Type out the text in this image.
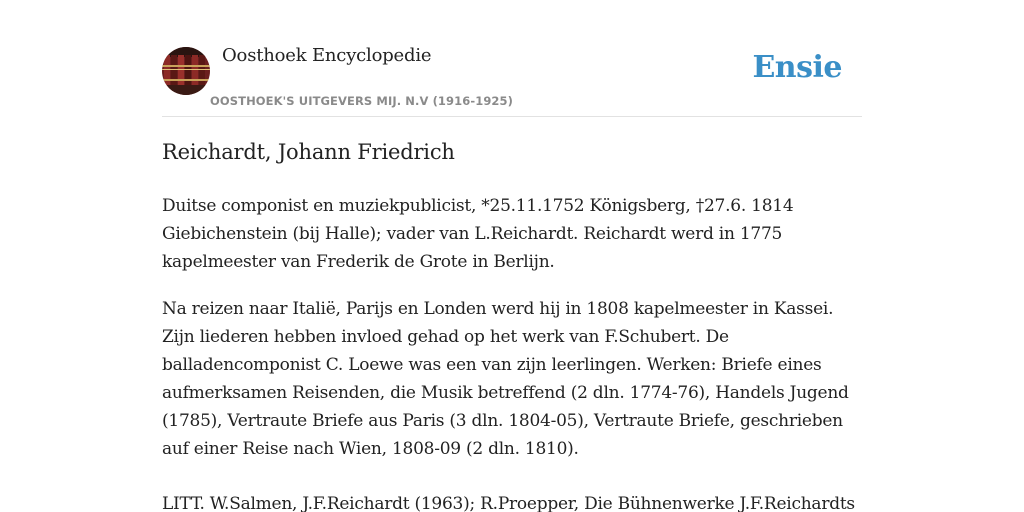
Oosthoek Encyclopedie
OOSTHOEK'S UITGEVERS MIJ. N.V (1916-1925)
Ensie
Reichardt, Johann Friedrich

Duitse componist en muziekpublicist, *25.11.1752 Königsberg, †27.6. 1814 Giebichenstein (bij Halle); vader van L.Reichardt. Reichardt werd in 1775 kapelmeester van Frederik de Grote in Berlijn.

Na reizen naar Italië, Parijs en Londen werd hij in 1808 kapelmeester in Kassei. Zijn liederen hebben invloed gehad op het werk van F.Schubert. De balladencomponist C. Loewe was een van zijn leerlingen. Werken: Briefe eines aufmerksamen Reisenden, die Musik betreffend (2 dln. 1774-76), Handels Jugend (1785), Vertraute Briefe aus Paris (3 dln. 1804-05), Vertraute Briefe, geschrieben auf einer Reise nach Wien, 1808-09 (2 dln. 1810).

LITT. W.Salmen, J.F.Reichardt (1963); R.Proepper, Die Bühnenwerke J.F.Reichardts
